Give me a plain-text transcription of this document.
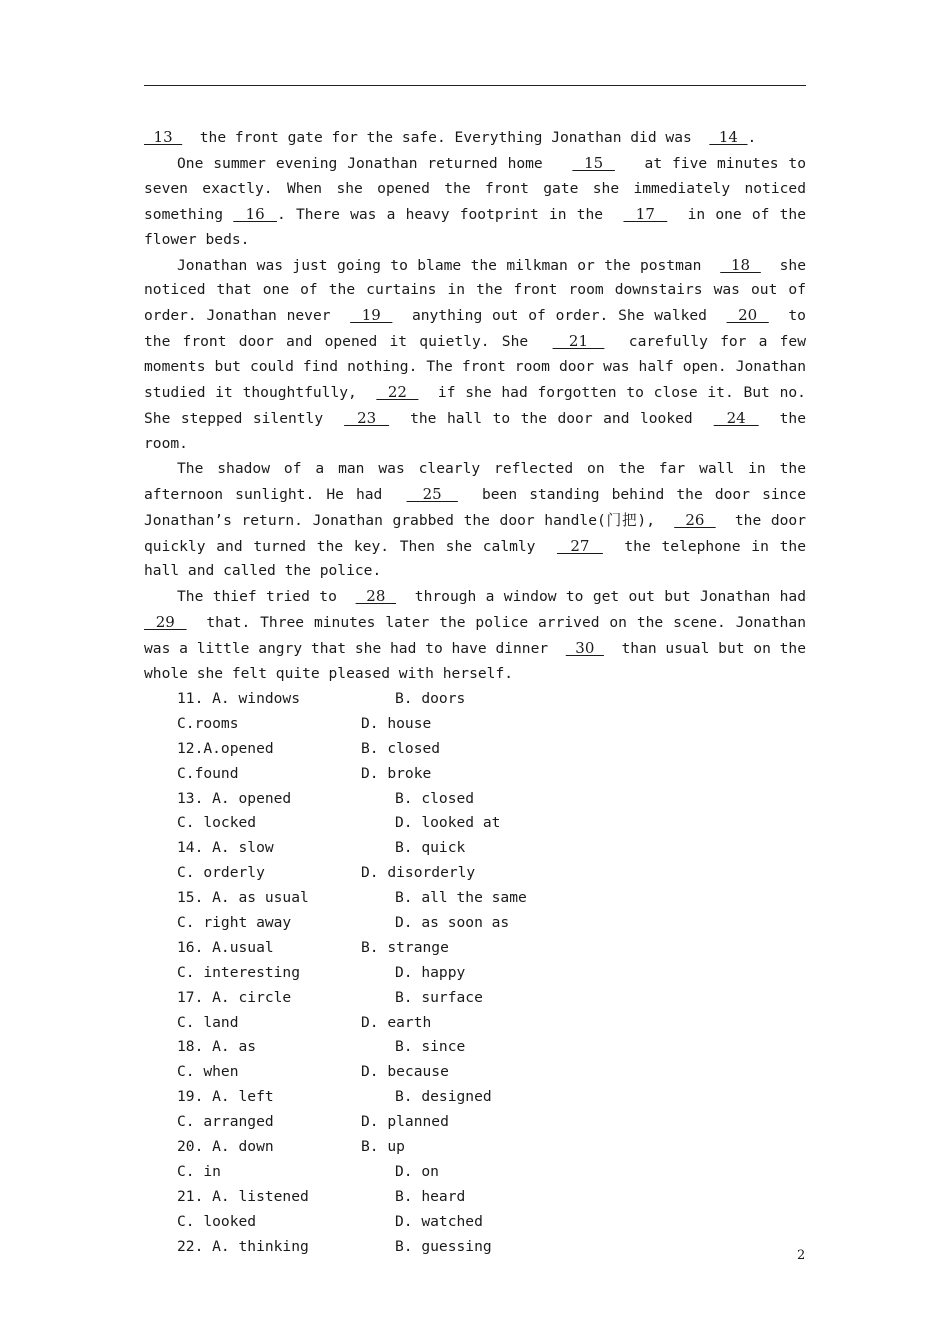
13    the front gate for the safe. Everything Jonathan did was    14  .

One summer evening Jonathan returned home     15     at five minutes to seven exactly. When she opened the front gate she immediately noticed something   16  . There was a heavy footprint in the    17    in one of the flower beds.

Jonathan was just going to blame the milkman or the postman    18    she noticed that one of the curtains in the front room downstairs was out of order. Jonathan never    19    anything out of order. She walked    20    to the front door and opened it quietly. She    21    carefully for a few moments but could find nothing. The front room door was half open. Jonathan studied it thoughtfully,    22    if she had forgotten to close it. But no. She stepped silently    23    the hall to the door and looked    24    the room.

The shadow of a man was clearly reflected on the far wall in the afternoon sunlight. He had    25    been standing behind the door since Jonathan’s return. Jonathan grabbed the door handle(门把),    26    the door quickly and turned the key. Then she calmly    27    the telephone in the hall and called the police.

The thief tried to    28    through a window to get out but Jonathan had   29    that. Three minutes later the police arrived on the scene. Jonathan was a little angry that she had to have dinner    30    than usual but on the whole she felt quite pleased with herself.

11. A. windows	B. doors
C.rooms	D. house
12.A.opened	B. closed
C.found	D. broke
13. A. opened	B. closed
C. locked	D. looked at
14. A. slow	B. quick
C. orderly	D. disorderly
15. A. as usual	B. all the same
C. right away	D. as soon as
16. A.usual	B. strange
C. interesting	D. happy
17. A. circle	B. surface
C. land	D. earth
18. A. as	B. since
C. when	D. because
19. A. left	B. designed
C. arranged	D. planned
20. A. down	B. up
C. in	D. on
21. A. listened	B. heard
C. looked	D. watched
22. A. thinking	B. guessing
2
